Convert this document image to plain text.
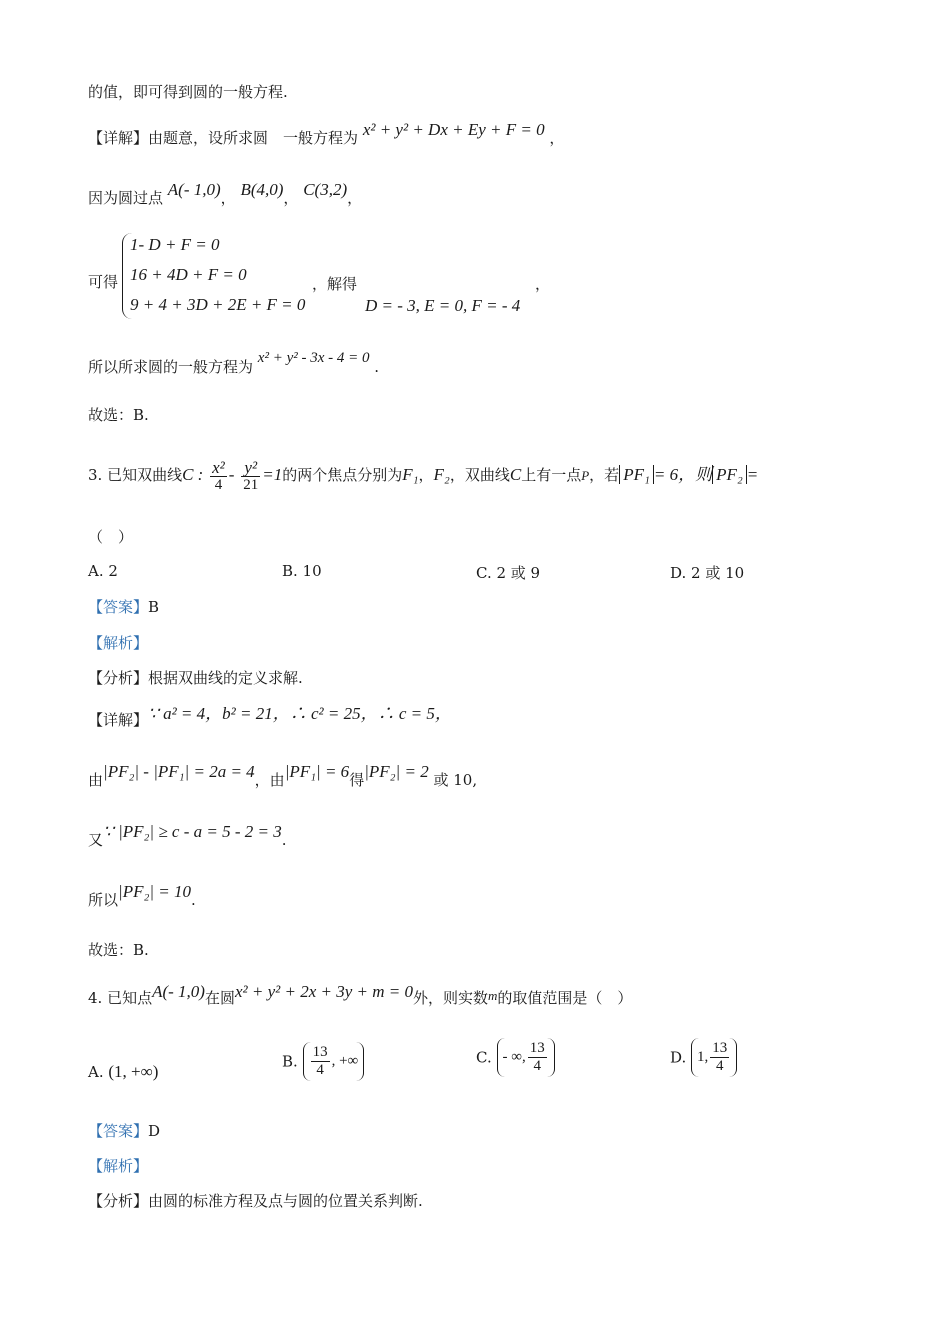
的值，即可得到圆的一般方程.
【详解】由题意，设所求圆　一般方程为 x² + y² + Dx + Ey + F = 0 ，
因为圆过点 A(- 1,0)， B(4,0)， C(3,2)，
可得
1- D + F = 0
16 + 4D + F = 0
9 + 4 + 3D + 2E + F = 0
，解得	，
D = - 3, E = 0, F = - 4
所以所求圆的一般方程为 x² + y² - 3x - 4 = 0 .
故选：B.
3. 已知双曲线C : $\frac{\text{x²}}{4} - \frac{\text{y²}}{21} =1$的两个焦点分别为F₁，F₂，双曲线C上有一点P，若 PF₁ = 6，则 PF₂ =
（　）
A. 2	B. 10	C. 2 或 9	D. 2 或 10
【答案】B
【解析】
【分析】根据双曲线的定义求解.
【详解】∵ a² = 4，b² = 21，∴ c² = 25，∴ c = 5，
由|PF₂| - |PF₁| = 2a = 4，由|PF₁| = 6得|PF₂| = 2 或 10,
又∵ |PF₂| ≥ c - a = 5 - 2 = 3.
所以|PF₂| = 10.
故选：B.
4. 已知点A(- 1,0)在圆x² + y² + 2x + 3y + m = 0外，则实数m的取值范围是（　）
A. (1, +∞)
B. $\frac{13}{4}$ , +∞	C. - ∞, $\frac{13}{4}$	D. 1, $\frac{13}{4}$
【答案】D
【解析】
【分析】由圆的标准方程及点与圆的位置关系判断.
